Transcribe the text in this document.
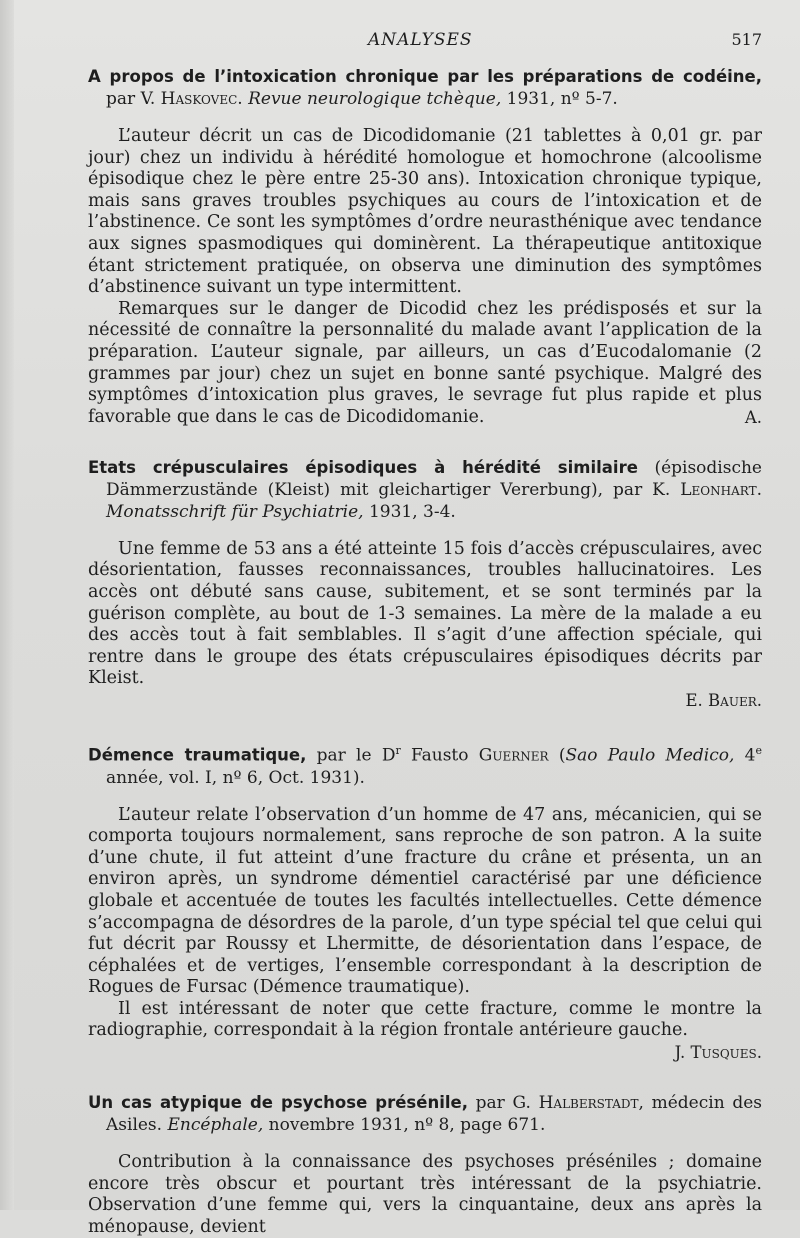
ANALYSES	517
A propos de l’intoxication chronique par les préparations de codéine, par V. Haskovec. Revue neurologique tchèque, 1931, nº 5-7.

L’auteur décrit un cas de Dicodidomanie (21 tablettes à 0,01 gr. par jour) chez un individu à hérédité homologue et homochrone (alcoolisme épisodique chez le père entre 25-30 ans). Intoxication chronique typique, mais sans graves troubles psychiques au cours de l’intoxication et de l’abstinence. Ce sont les symptômes d’ordre neurasthénique avec tendance aux signes spasmodiques qui dominèrent. La thérapeutique antitoxique étant strictement pratiquée, on observa une diminution des symptômes d’abstinence suivant un type intermittent.

Remarques sur le danger de Dicodid chez les prédisposés et sur la nécessité de connaître la personnalité du malade avant l’application de la préparation. L’auteur signale, par ailleurs, un cas d’Eucodalomanie (2 grammes par jour) chez un sujet en bonne santé psychique. Malgré des symptômes d’intoxication plus graves, le sevrage fut plus rapide et plus favorable que dans le cas de Dicodidomanie.	A.
Etats crépusculaires épisodiques à hérédité similaire (épisodische Dämmerzustände (Kleist) mit gleichartiger Vererbung), par K. Leonhart. Monatsschrift für Psychiatrie, 1931, 3-4.

Une femme de 53 ans a été atteinte 15 fois d’accès crépusculaires, avec désorientation, fausses reconnaissances, troubles hallucinatoires. Les accès ont débuté sans cause, subitement, et se sont terminés par la guérison complète, au bout de 1-3 semaines. La mère de la malade a eu des accès tout à fait semblables. Il s’agit d’une affection spéciale, qui rentre dans le groupe des états crépusculaires épisodiques décrits par Kleist.

E. Bauer.
Démence traumatique, par le $D^r$ Fausto Guerner (Sao Paulo Medico, 4e année, vol. I, nº 6, Oct. 1931).

L’auteur relate l’observation d’un homme de 47 ans, mécanicien, qui se comporta toujours normalement, sans reproche de son patron. A la suite d’une chute, il fut atteint d’une fracture du crâne et présenta, un an environ après, un syndrome démentiel caractérisé par une déficience globale et accentuée de toutes les facultés intellectuelles. Cette démence s’accompagna de désordres de la parole, d’un type spécial tel que celui qui fut décrit par Roussy et Lhermitte, de désorientation dans l’espace, de céphalées et de vertiges, l’ensemble correspondant à la description de Rogues de Fursac (Démence traumatique).

Il est intéressant de noter que cette fracture, comme le montre la radiographie, correspondait à la région frontale antérieure gauche.

J. Tusques.
Un cas atypique de psychose présénile, par G. Halberstadt, médecin des Asiles. Encéphale, novembre 1931, nº 8, page 671.

Contribution à la connaissance des psychoses préséniles ; domaine encore très obscur et pourtant très intéressant de la psychiatrie. Observation d’une femme qui, vers la cinquantaine, deux ans après la ménopause, devient
